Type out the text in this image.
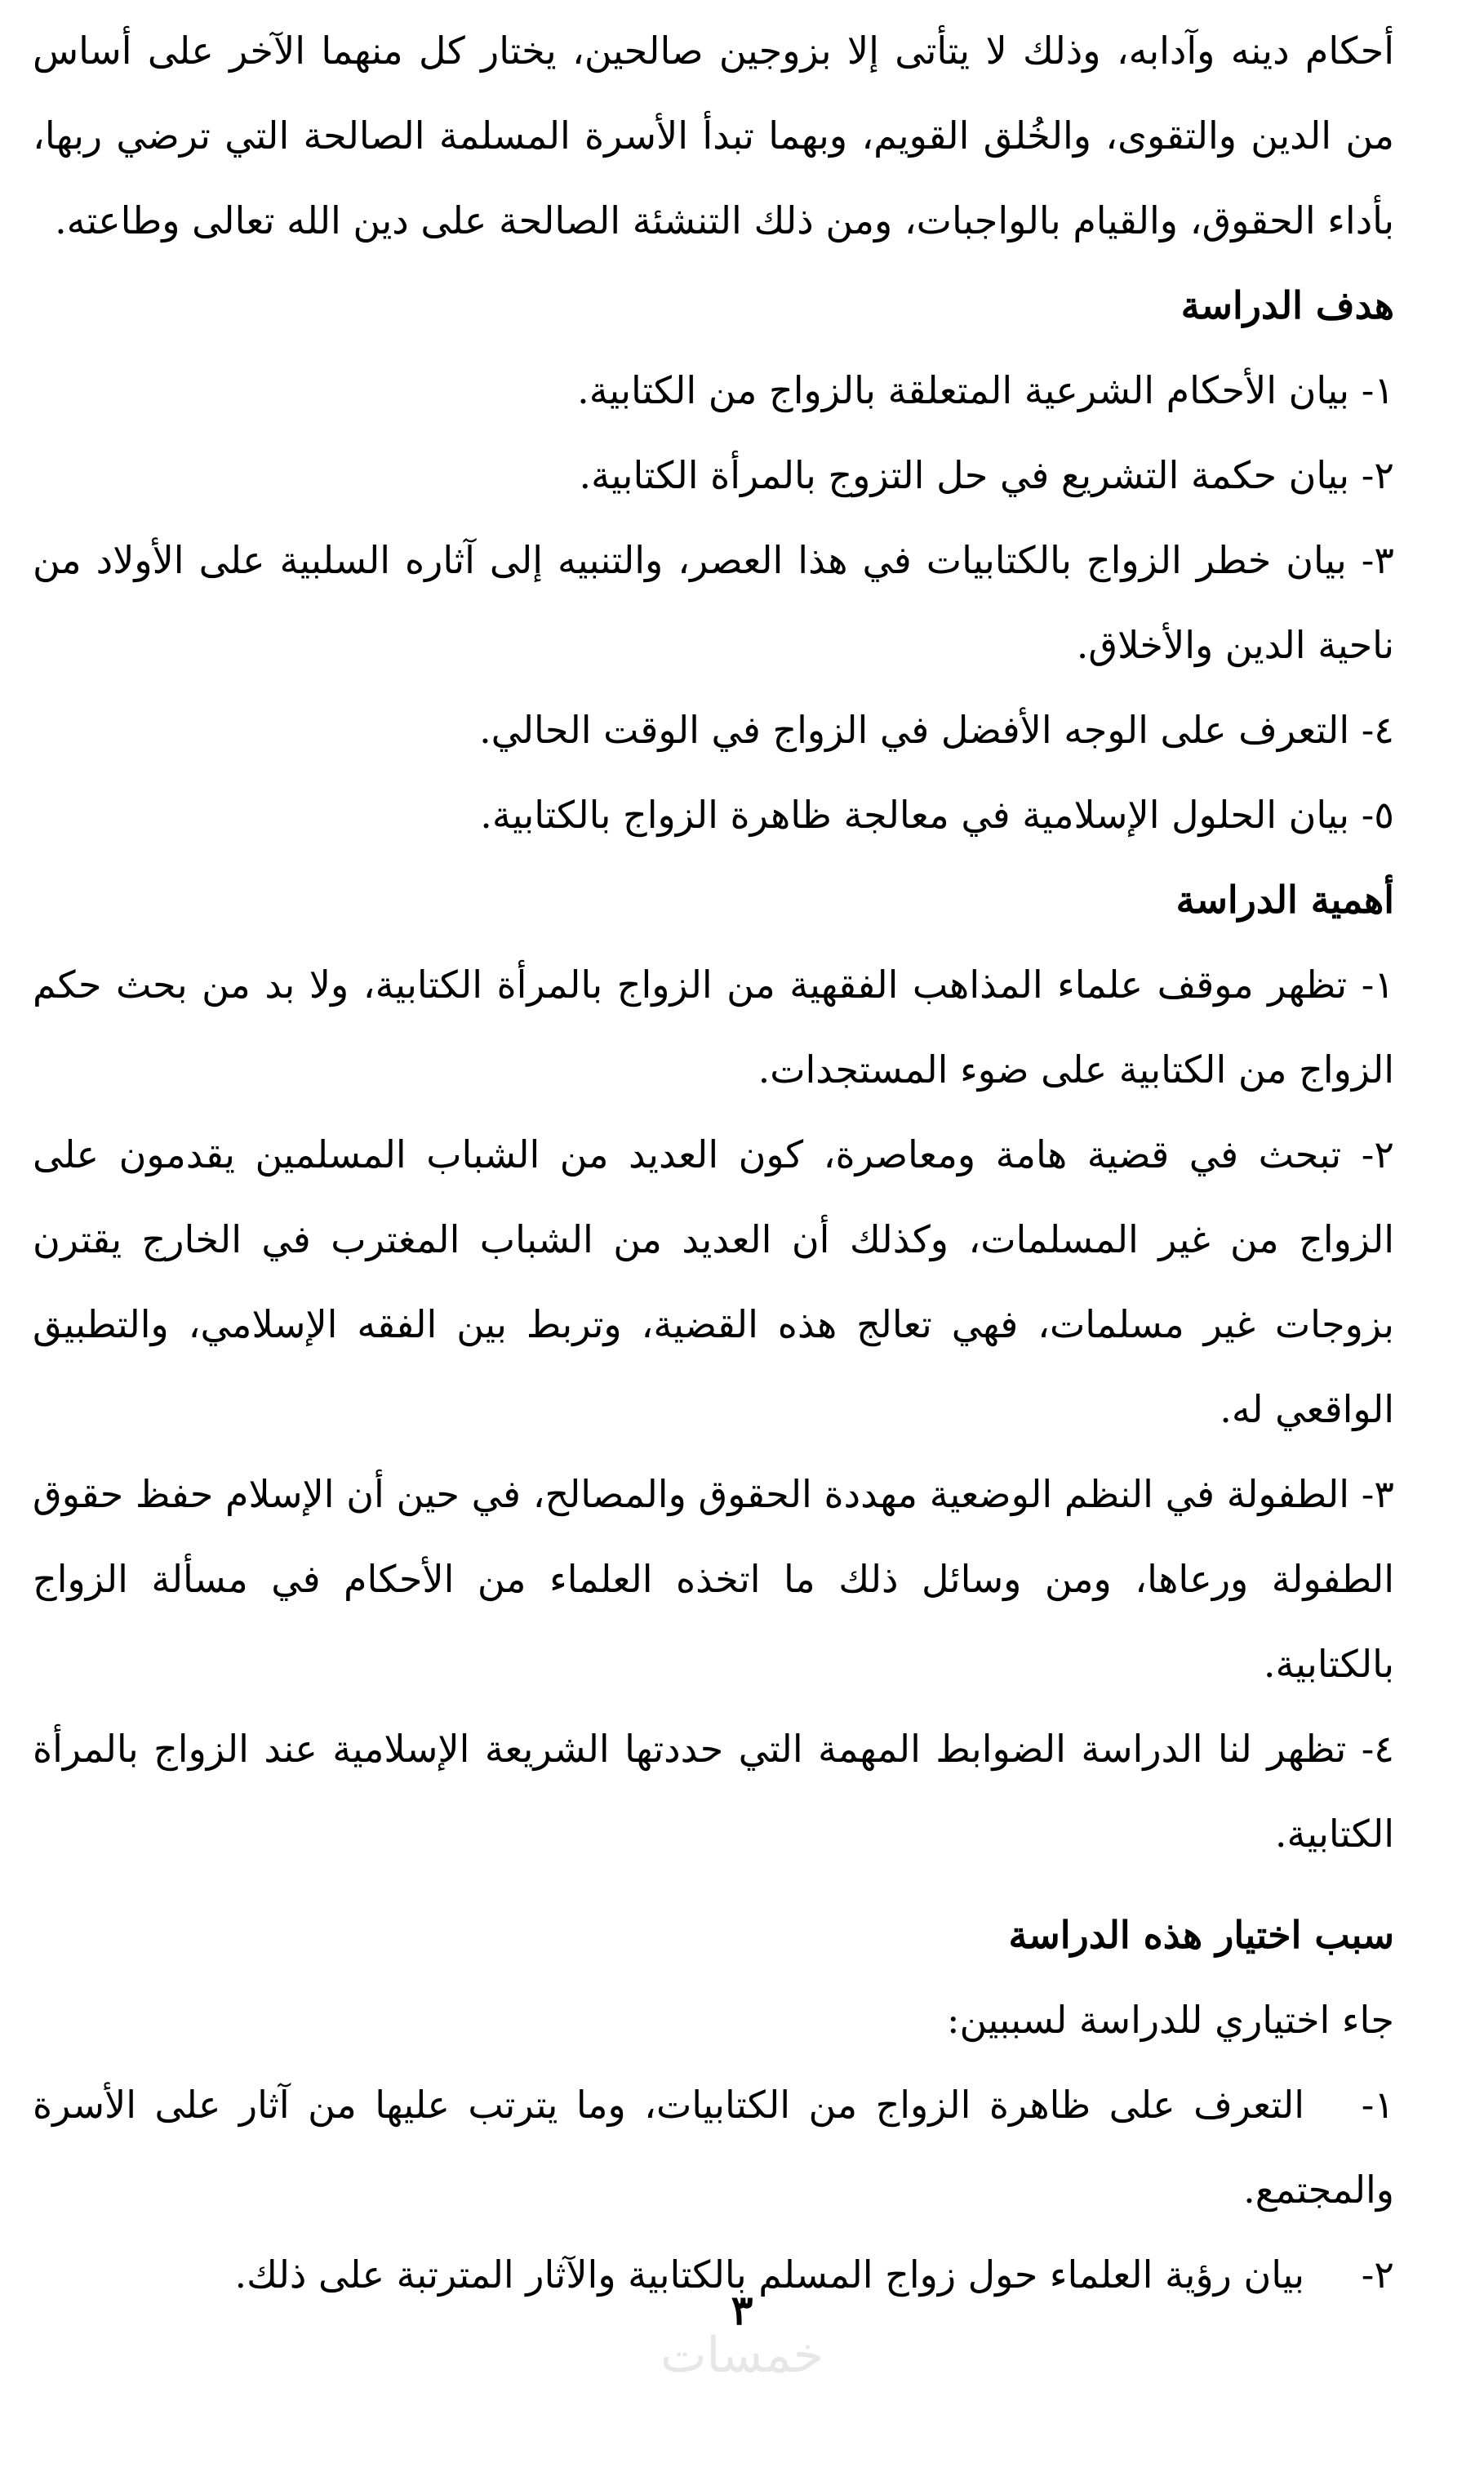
أحكام دينه وآدابه، وذلك لا يتأتى إلا بزوجين صالحين، يختار كل منهما الآخر على أساس من الدين والتقوى، والخُلق القويم، وبهما تبدأ الأسرة المسلمة الصالحة التي ترضي ربها، بأداء الحقوق، والقيام بالواجبات، ومن ذلك التنشئة الصالحة على دين الله تعالى وطاعته.

هدف الدراسة

١- بيان الأحكام الشرعية المتعلقة بالزواج من الكتابية.

٢- بيان حكمة التشريع في حل التزوج بالمرأة الكتابية.

٣- بيان خطر الزواج بالكتابيات في هذا العصر، والتنبيه إلى آثاره السلبية على الأولاد من ناحية الدين والأخلاق.

٤- التعرف على الوجه الأفضل في الزواج في الوقت الحالي.

٥- بيان الحلول الإسلامية في معالجة ظاهرة الزواج بالكتابية.

أهمية الدراسة

١- تظهر موقف علماء المذاهب الفقهية من الزواج بالمرأة الكتابية، ولا بد من بحث حكم الزواج من الكتابية على ضوء المستجدات.

٢- تبحث في قضية هامة ومعاصرة، كون العديد من الشباب المسلمين يقدمون على الزواج من غير المسلمات، وكذلك أن العديد من الشباب المغترب في الخارج يقترن بزوجات غير مسلمات، فهي تعالج هذه القضية، وتربط بين الفقه الإسلامي، والتطبيق الواقعي له.

٣- الطفولة في النظم الوضعية مهددة الحقوق والمصالح، في حين أن الإسلام حفظ حقوق الطفولة ورعاها، ومن وسائل ذلك ما اتخذه العلماء من الأحكام في مسألة الزواج بالكتابية.

٤- تظهر لنا الدراسة الضوابط المهمة التي حددتها الشريعة الإسلامية عند الزواج بالمرأة الكتابية.

سبب اختيار هذه الدراسة

جاء اختياري للدراسة لسببين:

١-التعرف على ظاهرة الزواج من الكتابيات، وما يترتب عليها من آثار على الأسرة والمجتمع.

٢-بيان رؤية العلماء حول زواج المسلم بالكتابية والآثار المترتبة على ذلك.

٣
خمسات
